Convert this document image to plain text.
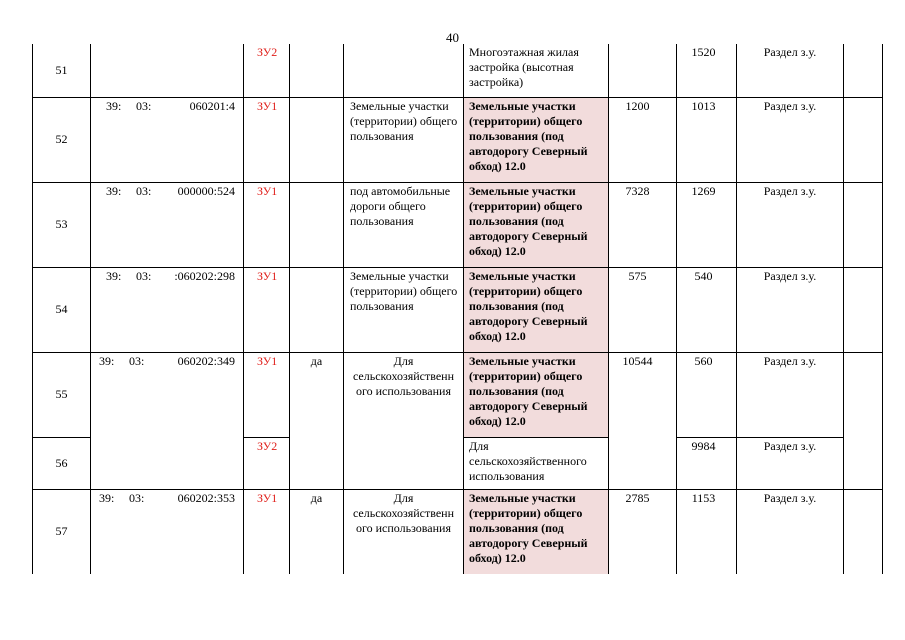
40
51		ЗУ2			Многоэтажная жилая застройка (высотная застройка)		1520	Раздел з.у.	
52	39: 03: 060201:4	ЗУ1		Земельные участки (территории) общего пользования	Земельные участки (территории) общего пользования (под автодорогу Северный обход) 12.0	1200	1013	Раздел з.у.	
53	39: 03: 000000:524	ЗУ1		под автомобильные дороги общего пользования	Земельные участки (территории) общего пользования (под автодорогу Северный обход) 12.0	7328	1269	Раздел з.у.	
54	39: 03: :060202:298	ЗУ1		Земельные участки (территории) общего пользования	Земельные участки (территории) общего пользования (под автодорогу Северный обход) 12.0	575	540	Раздел з.у.	
55	39: 03: 060202:349	ЗУ1	да	Для сельскохозяйственн ого использования	Земельные участки (территории) общего пользования (под автодорогу Северный обход) 12.0	10544	560	Раздел з.у.	
56		ЗУ2			Для сельскохозяйственного использования		9984	Раздел з.у.	
57	39: 03: 060202:353	ЗУ1	да	Для сельскохозяйственн ого использования	Земельные участки (территории) общего пользования (под автодорогу Северный обход) 12.0	2785	1153	Раздел з.у.	
